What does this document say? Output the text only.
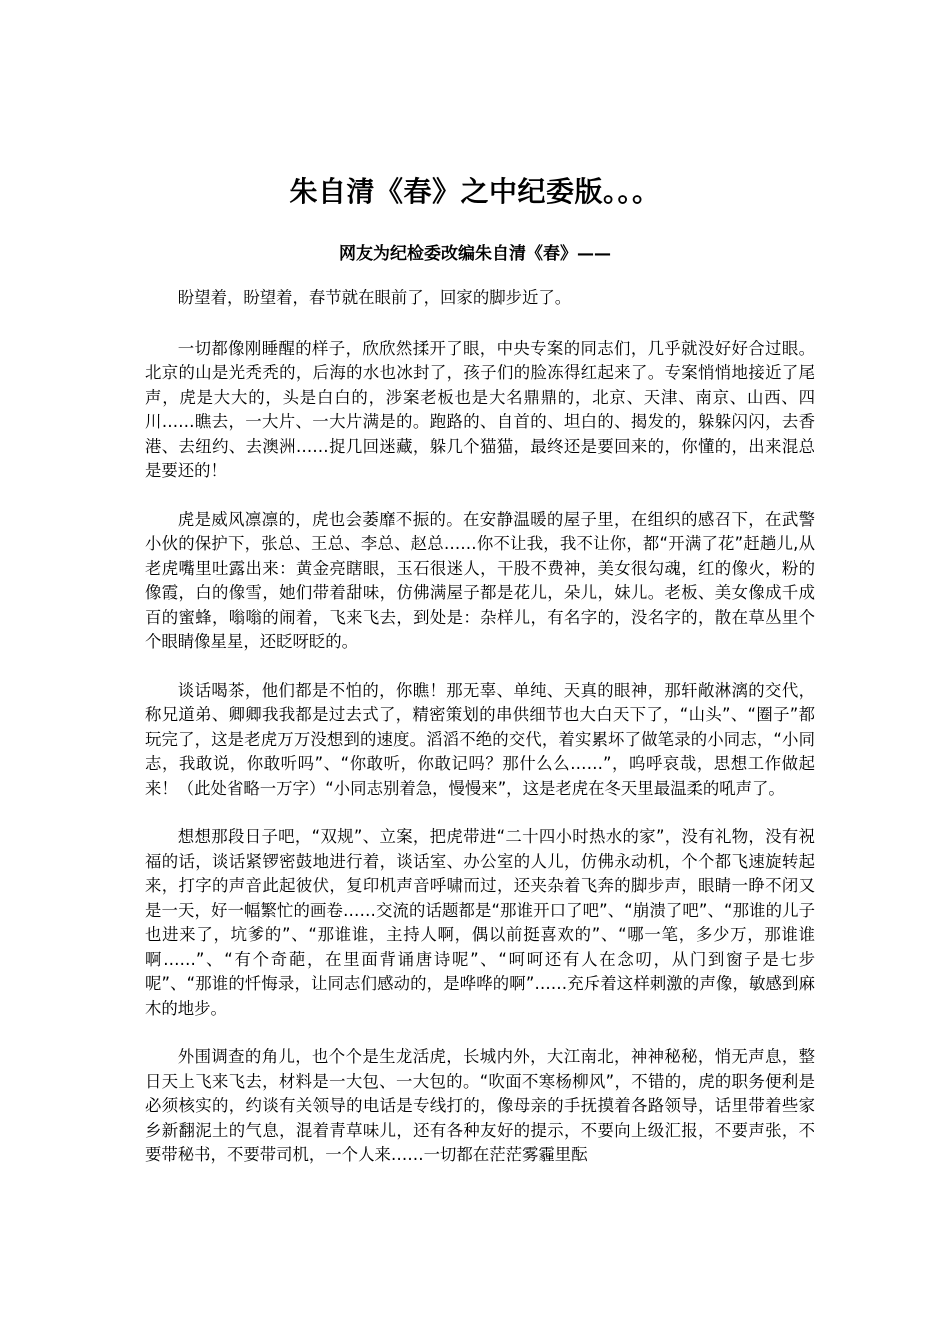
朱自清《春》之中纪委版。。。
网友为纪检委改编朱自清《春》——

盼望着，盼望着，春节就在眼前了，回家的脚步近了。

一切都像刚睡醒的样子，欣欣然揉开了眼，中央专案的同志们，几乎就没好好合过眼。北京的山是光秃秃的，后海的水也冰封了，孩子们的脸冻得红起来了。专案悄悄地接近了尾声，虎是大大的，头是白白的，涉案老板也是大名鼎鼎的，北京、天津、南京、山西、四川……瞧去，一大片、一大片满是的。跑路的、自首的、坦白的、揭发的，躲躲闪闪，去香港、去纽约、去澳洲……捉几回迷藏，躲几个猫猫，最终还是要回来的，你懂的，出来混总是要还的！

虎是威风凛凛的，虎也会萎靡不振的。在安静温暖的屋子里，在组织的感召下，在武警小伙的保护下，张总、王总、李总、赵总……你不让我，我不让你，都“开满了花”赶趟儿,从老虎嘴里吐露出来：黄金亮瞎眼，玉石很迷人，干股不费神，美女很勾魂，红的像火，粉的像霞，白的像雪，她们带着甜味，仿佛满屋子都是花儿，朵儿，妹儿。老板、美女像成千成百的蜜蜂，嗡嗡的闹着，飞来飞去，到处是：杂样儿，有名字的，没名字的，散在草丛里个个眼睛像星星，还眨呀眨的。

谈话喝茶，他们都是不怕的，你瞧！那无辜、单纯、天真的眼神，那轩敞淋漓的交代，称兄道弟、卿卿我我都是过去式了，精密策划的串供细节也大白天下了，“山头”、“圈子”都玩完了，这是老虎万万没想到的速度。滔滔不绝的交代，着实累坏了做笔录的小同志，“小同志，我敢说，你敢听吗”、“你敢听，你敢记吗？那什么么……”，呜呼哀哉，思想工作做起来！（此处省略一万字）“小同志别着急，慢慢来”，这是老虎在冬天里最温柔的吼声了。

想想那段日子吧，“双规”、立案，把虎带进“二十四小时热水的家”，没有礼物，没有祝福的话，谈话紧锣密鼓地进行着，谈话室、办公室的人儿，仿佛永动机，个个都飞速旋转起来，打字的声音此起彼伏，复印机声音呼啸而过，还夹杂着飞奔的脚步声，眼睛一睁不闭又是一天，好一幅繁忙的画卷……交流的话题都是“那谁开口了吧”、“崩溃了吧”、“那谁的儿子也进来了，坑爹的”、“那谁谁，主持人啊，偶以前挺喜欢的”、“哪一笔，多少万，那谁谁啊……”、“有个奇葩，在里面背诵唐诗呢”、“呵呵还有人在念叨，从门到窗子是七步呢”、“那谁的忏悔录，让同志们感动的，是哗哗的啊”……充斥着这样刺激的声像，敏感到麻木的地步。

外围调查的角儿，也个个是生龙活虎，长城内外，大江南北，神神秘秘，悄无声息，整日天上飞来飞去，材料是一大包、一大包的。“吹面不寒杨柳风”，不错的，虎的职务便利是必须核实的，约谈有关领导的电话是专线打的，像母亲的手抚摸着各路领导，话里带着些家乡新翻泥土的气息，混着青草味儿，还有各种友好的提示，不要向上级汇报，不要声张，不要带秘书，不要带司机，一个人来……一切都在茫茫雾霾里酝
